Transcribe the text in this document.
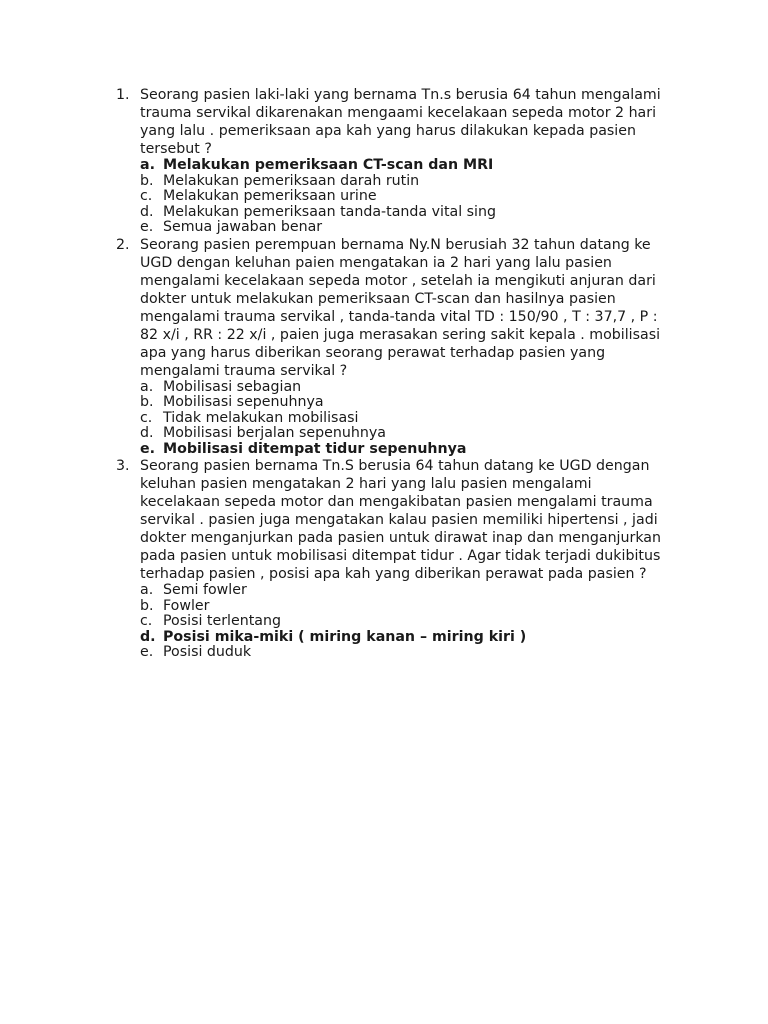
1. Seorang pasien laki-laki yang bernama Tn.s berusia 64 tahun mengalami trauma servikal dikarenakan mengaami kecelakaan sepeda motor 2 hari yang lalu . pemeriksaan apa kah yang harus dilakukan kepada pasien tersebut ?

a. Melakukan pemeriksaan CT-scan dan MRI
b. Melakukan pemeriksaan darah rutin
c. Melakukan pemeriksaan urine
d. Melakukan pemeriksaan tanda-tanda vital sing
e. Semua jawaban benar
2. Seorang pasien perempuan bernama Ny.N berusiah 32 tahun datang ke UGD dengan keluhan paien mengatakan ia 2 hari yang lalu pasien mengalami kecelakaan sepeda motor , setelah ia mengikuti anjuran dari dokter untuk melakukan pemeriksaan CT-scan dan hasilnya pasien mengalami trauma servikal , tanda-tanda vital TD : 150/90 , T : 37,7 , P : 82 x/i , RR : 22 x/i , paien juga merasakan sering sakit kepala . mobilisasi apa yang harus diberikan seorang perawat terhadap pasien yang mengalami trauma servikal ?

a. Mobilisasi sebagian
b. Mobilisasi sepenuhnya
c. Tidak melakukan mobilisasi
d. Mobilisasi berjalan sepenuhnya
e. Mobilisasi ditempat tidur sepenuhnya
3. Seorang pasien bernama Tn.S berusia 64 tahun datang ke UGD dengan keluhan pasien mengatakan 2 hari yang lalu pasien mengalami kecelakaan sepeda motor dan mengakibatan pasien mengalami trauma servikal . pasien juga mengatakan kalau pasien memiliki hipertensi , jadi dokter menganjurkan pada pasien untuk dirawat inap dan menganjurkan pada pasien untuk mobilisasi ditempat tidur . Agar tidak terjadi dukibitus terhadap pasien , posisi apa kah yang diberikan perawat pada pasien ?

a. Semi fowler
b. Fowler
c. Posisi terlentang
d. Posisi mika-miki ( miring kanan – miring kiri )
e. Posisi duduk
